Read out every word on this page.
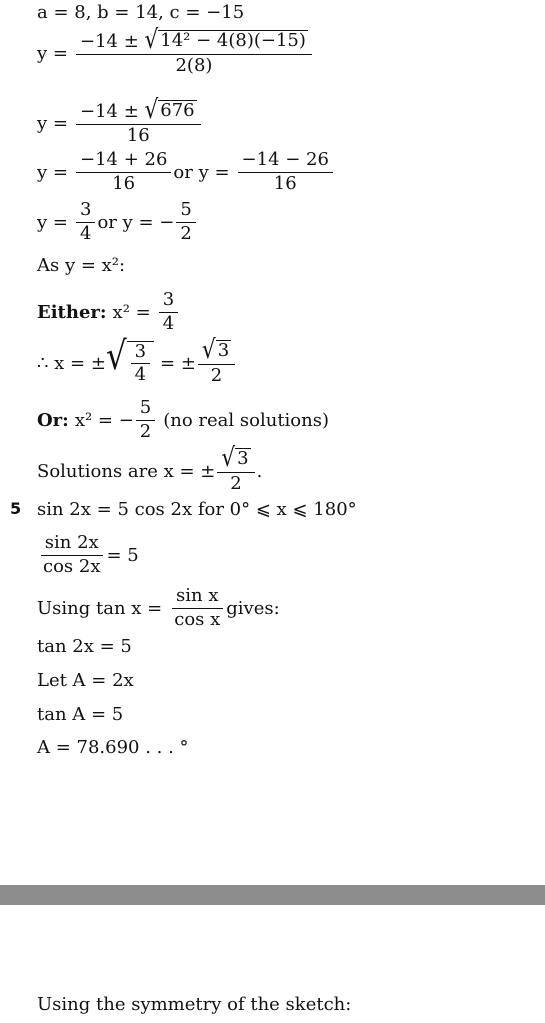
a = 8, b = 14, c = −15
$y = \frac{\text{−14 ± √ 14² − 4(8)(−15)}}{2(8)}$
$y = \frac{-14 \pm √ 676}{16}$
$y = \frac{-14 + 26}{16}$ or $y = \frac{-14 - 26}{16}$
$y = \frac{3}{4}$ or y = − $\frac{5}{2}$
As y = x²:
Either: $x^2 = \frac{3}{4}$
∴ x = ± √ $\frac{3}{4}$ = ± $\frac{√ 3}{2}$
Or: x² = − $\frac{5}{2} (no$ real solutions)
Solutions are x = ± $\frac{√ 3}{2}$ .
5 sin 2x = 5 cos 2x for 0° ⩽ x ⩽ 180°
$\frac{\sin 2x}{\cos 2x} = 5$
Using $\tan x = \frac{\text{sin x}}{\text{cos x}}$ gives:
tan 2x = 5
Let A = 2x
tan A = 5
A = 78.690 . . . °
Using the symmetry of the sketch:
